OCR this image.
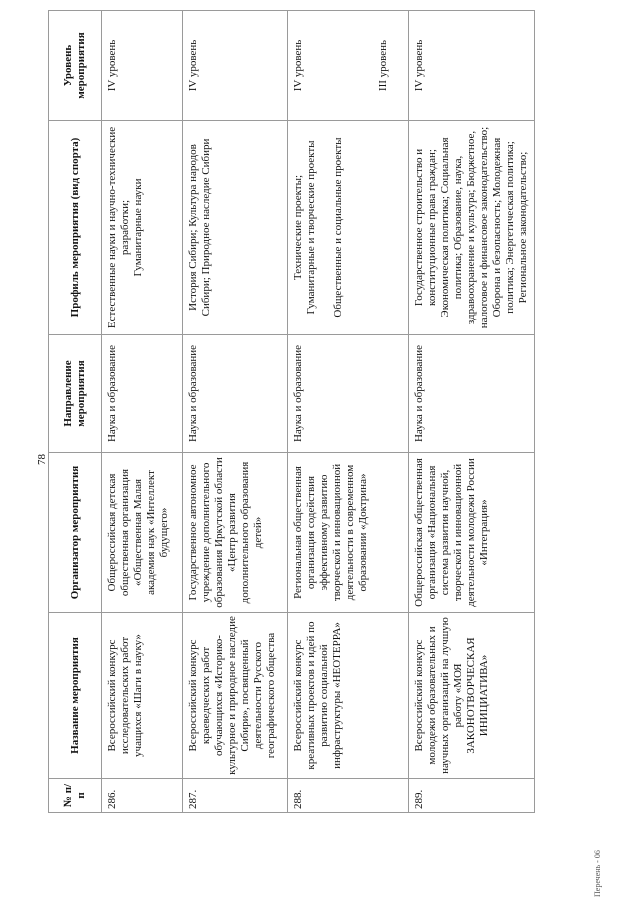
78
№ п/п	Название мероприятия	Организатор мероприятия	Направление мероприятия	Профиль мероприятия (вид спорта)	Уровень мероприятия
286.	Всероссийский конкурс исследовательских работ учащихся «Шаги в науку»	Общероссийская детская общественная организация «Общественная Малая академия наук «Интеллект будущего»	Наука и образование	Естественные науки и научно-технические разработки; Гуманитарные науки	IV уровень

287.	Всероссийский конкурс краеведческих работ обучающихся «Историко-культурное и природное наследие Сибири», посвященный деятельности Русского географического общества	Государственное автономное учреждение дополнительного образования Иркутской области «Центр развития дополнительного образования детей»	Наука и образование	История Сибири; Культура народов Сибири; Природное наследие Сибири	IV уровень

288.	Всероссийский конкурс креативных проектов и идей по развитию социальной инфраструктуры «НЕОТЕРРА»	Региональная общественная организация содействия эффективному развитию творческой и инновационной деятельности в современном образовании «Доктрина»	Наука и образование	Технические проекты; Гуманитарные и творческие проекты Общественные и социальные проекты	IV уровень III уровень

289.	Всероссийский конкурс молодежи образовательных и научных организаций на лучшую работу «МОЯ ЗАКОНОТВОРЧЕСКАЯ ИНИЦИАТИВА»	Общероссийская общественная организация «Национальная система развития научной, творческой и инновационной деятельности молодежи России «Интеграция»	Наука и образование	Государственное строительство и конституционные права граждан; Экономическая политика; Социальная политика; Образование, наука, здравоохранение и культура; Бюджетное, налоговое и финансовое законодательство; Оборона и безопасность; Молодежная политика; Энергетическая политика; Региональное законодательство;	IV уровень
Перечень - 06
